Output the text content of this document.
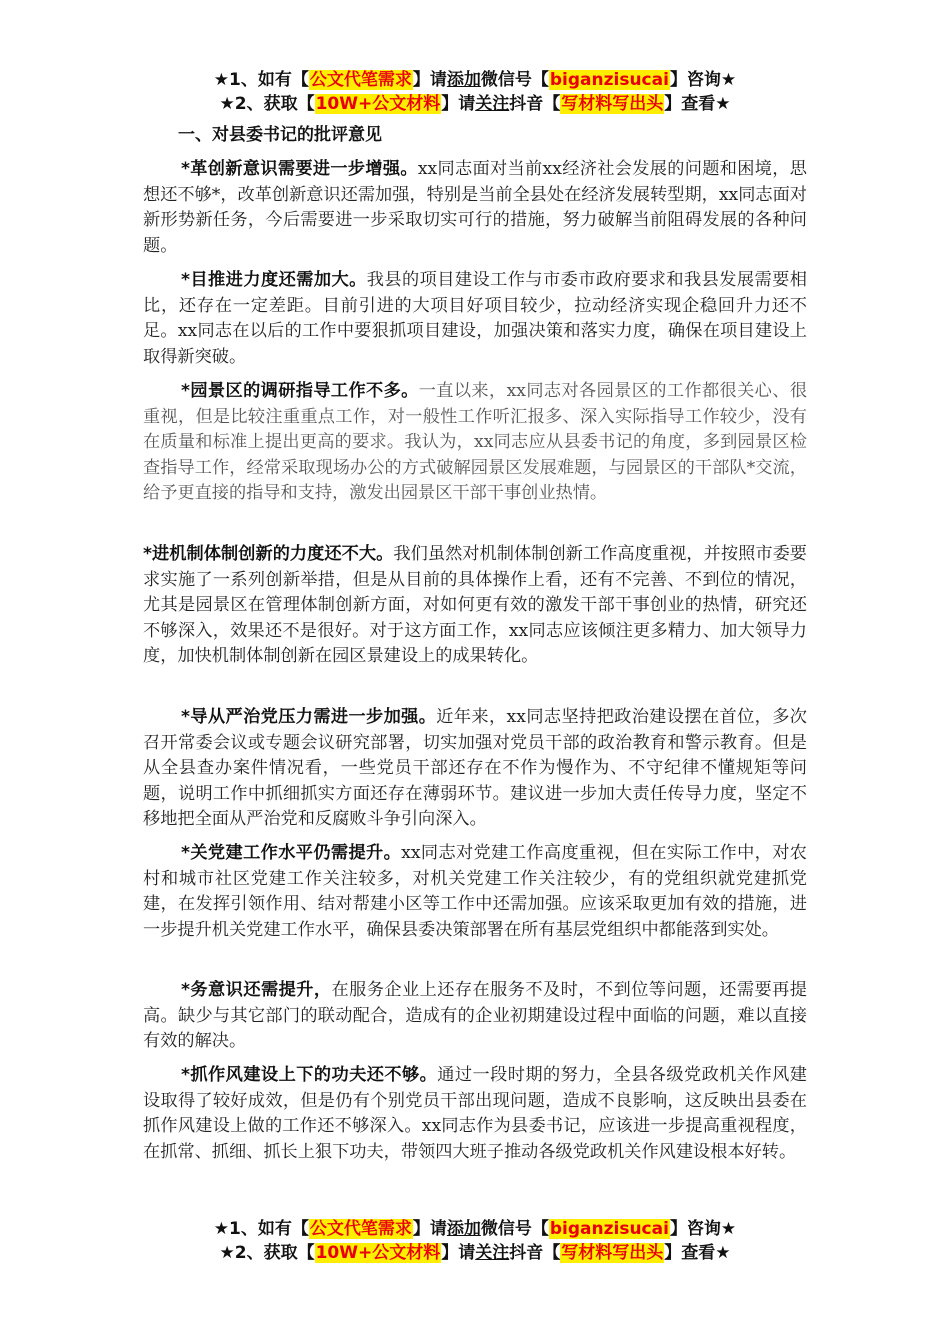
★1、如有【公文代笔需求】请添加微信号【biganzisucai】咨询★
★2、获取【10W+公文材料】请关注抖音【写材料写出头】查看★
一、对县委书记的批评意见
*革创新意识需要进一步增强。xx同志面对当前xx经济社会发展的问题和困境，思想还不够*，改革创新意识还需加强，特别是当前全县处在经济发展转型期，xx同志面对新形势新任务，今后需要进一步采取切实可行的措施，努力破解当前阻碍发展的各种问题。
*目推进力度还需加大。我县的项目建设工作与市委市政府要求和我县发展需要相比，还存在一定差距。目前引进的大项目好项目较少，拉动经济实现企稳回升力还不足。xx同志在以后的工作中要狠抓项目建设，加强决策和落实力度，确保在项目建设上取得新突破。
*园景区的调研指导工作不多。一直以来，xx同志对各园景区的工作都很关心、很重视，但是比较注重重点工作，对一般性工作听汇报多、深入实际指导工作较少，没有在质量和标准上提出更高的要求。我认为，xx同志应从县委书记的角度，多到园景区检查指导工作，经常采取现场办公的方式破解园景区发展难题，与园景区的干部队*交流，给予更直接的指导和支持，激发出园景区干部干事创业热情。
*进机制体制创新的力度还不大。我们虽然对机制体制创新工作高度重视，并按照市委要求实施了一系列创新举措，但是从目前的具体操作上看，还有不完善、不到位的情况，尤其是园景区在管理体制创新方面，对如何更有效的激发干部干事创业的热情，研究还不够深入，效果还不是很好。对于这方面工作，xx同志应该倾注更多精力、加大领导力度，加快机制体制创新在园区景建设上的成果转化。
*导从严治党压力需进一步加强。近年来，xx同志坚持把政治建设摆在首位，多次召开常委会议或专题会议研究部署，切实加强对党员干部的政治教育和警示教育。但是从全县查办案件情况看，一些党员干部还存在不作为慢作为、不守纪律不懂规矩等问题，说明工作中抓细抓实方面还存在薄弱环节。建议进一步加大责任传导力度，坚定不移地把全面从严治党和反腐败斗争引向深入。
*关党建工作水平仍需提升。xx同志对党建工作高度重视，但在实际工作中，对农村和城市社区党建工作关注较多，对机关党建工作关注较少，有的党组织就党建抓党建，在发挥引领作用、结对帮建小区等工作中还需加强。应该采取更加有效的措施，进一步提升机关党建工作水平，确保县委决策部署在所有基层党组织中都能落到实处。
*务意识还需提升，在服务企业上还存在服务不及时，不到位等问题，还需要再提高。缺少与其它部门的联动配合，造成有的企业初期建设过程中面临的问题，难以直接有效的解决。
*抓作风建设上下的功夫还不够。通过一段时期的努力，全县各级党政机关作风建设取得了较好成效，但是仍有个别党员干部出现问题，造成不良影响，这反映出县委在抓作风建设上做的工作还不够深入。xx同志作为县委书记，应该进一步提高重视程度，在抓常、抓细、抓长上狠下功夫，带领四大班子推动各级党政机关作风建设根本好转。
★1、如有【公文代笔需求】请添加微信号【biganzisucai】咨询★
★2、获取【10W+公文材料】请关注抖音【写材料写出头】查看★
